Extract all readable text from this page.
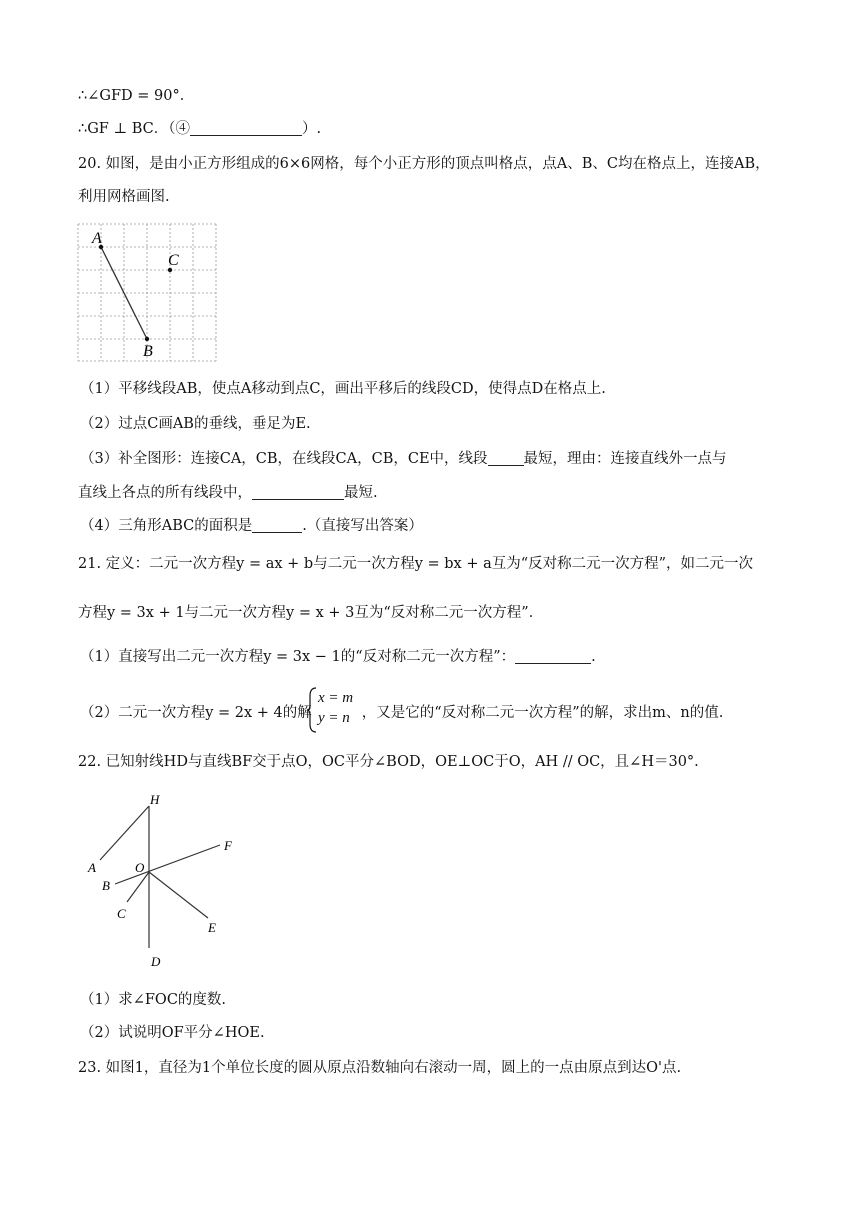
∴∠GFD = 90°．
∴GF ⊥ BC．（④	）.
20. 如图，是由小正方形组成的6×6网格，每个小正方形的顶点叫格点，点A、B、C均在格点上，连接AB，
利用网格画图.
A
C
B
（1）平移线段AB，使点A移动到点C，画出平移后的线段CD，使得点D在格点上.
（2）过点C画AB的垂线，垂足为E.
（3）补全图形：连接CA，CB，在线段CA，CB，CE中，线段 最短，理由：连接直线外一点与
直线上各点的所有线段中，	最短.
（4）三角形ABC的面积是	.（直接写出答案）
21. 定义：二元一次方程y = ax + b与二元一次方程y = bx + a互为“反对称二元一次方程”，如二元一次
方程y = 3x + 1与二元一次方程y = x + 3互为“反对称二元一次方程”．
（1）直接写出二元一次方程y = 3x − 1的“反对称二元一次方程”：	.
（2）二元一次方程y = 2x + 4的解	，又是它的“反对称二元一次方程”的解，求出m、n的值.
x = m
y = n
22. 已知射线HD与直线BF交于点O，OC平分∠BOD，OE⊥OC于O，AH // OC，且∠H＝30°.
H
F
A	O
B
C
E
D
（1）求∠FOC的度数.
（2）试说明OF平分∠HOE.
23. 如图1，直径为1个单位长度的圆从原点沿数轴向右滚动一周，圆上的一点由原点到达O'点.
